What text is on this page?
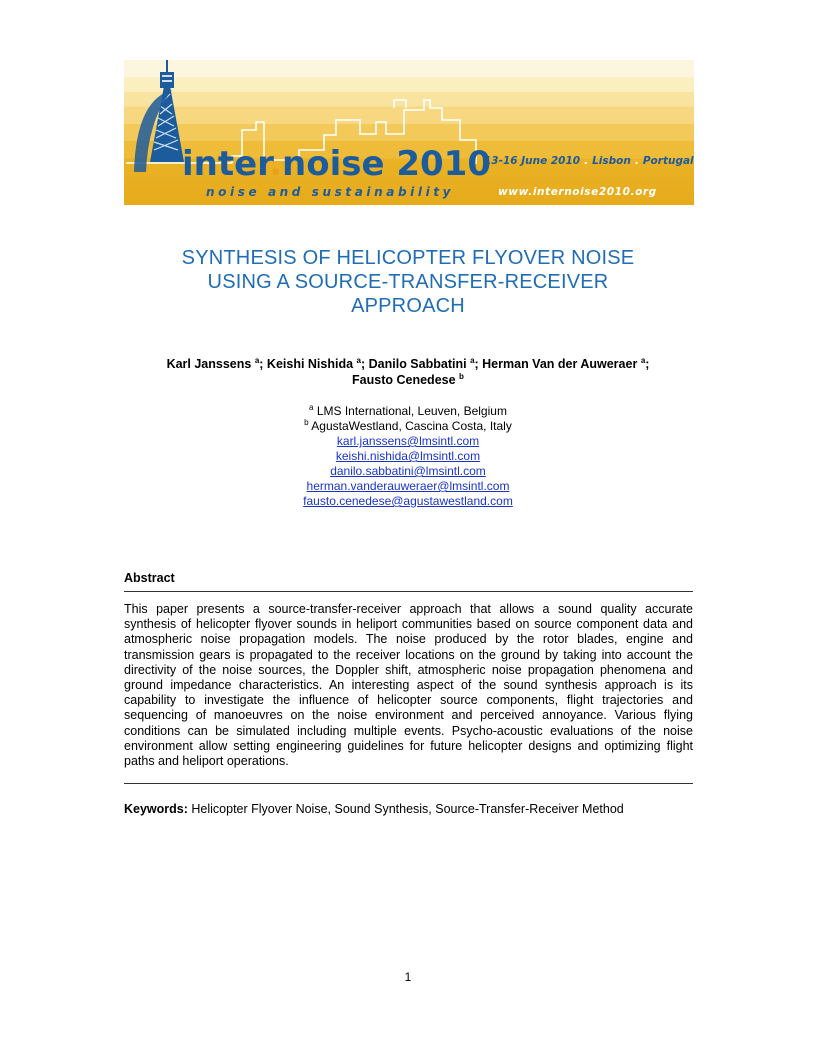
inter.noise 2010
noise and sustainability
13-16 June 2010 . Lisbon . Portugal
www.internoise2010.org
SYNTHESIS OF HELICOPTER FLYOVER NOISE
USING A SOURCE-TRANSFER-RECEIVER
APPROACH
Karl Janssens $^a$; Keishi Nishida $^a$; Danilo Sabbatini $^a$; Herman Van der Auweraer $^a$;
Fausto Cenedese $^b$
$^a$ LMS International, Leuven, Belgium
$^b$ AgustaWestland, Cascina Costa, Italy
karl.janssens@lmsintl.com
keishi.nishida@lmsintl.com
danilo.sabbatini@lmsintl.com
herman.vanderauweraer@lmsintl.com
fausto.cenedese@agustawestland.com
Abstract
This paper presents a source-transfer-receiver approach that allows a sound quality accurate synthesis of helicopter flyover sounds in heliport communities based on source component data and atmospheric noise propagation models. The noise produced by the rotor blades, engine and transmission gears is propagated to the receiver locations on the ground by taking into account the directivity of the noise sources, the Doppler shift, atmospheric noise propagation phenomena and ground impedance characteristics. An interesting aspect of the sound synthesis approach is its capability to investigate the influence of helicopter source components, flight trajectories and sequencing of manoeuvres on the noise environment and perceived annoyance. Various flying conditions can be simulated including multiple events. Psycho-acoustic evaluations of the noise environment allow setting engineering guidelines for future helicopter designs and optimizing flight paths and heliport operations.
Keywords: Helicopter Flyover Noise, Sound Synthesis, Source-Transfer-Receiver Method
1
